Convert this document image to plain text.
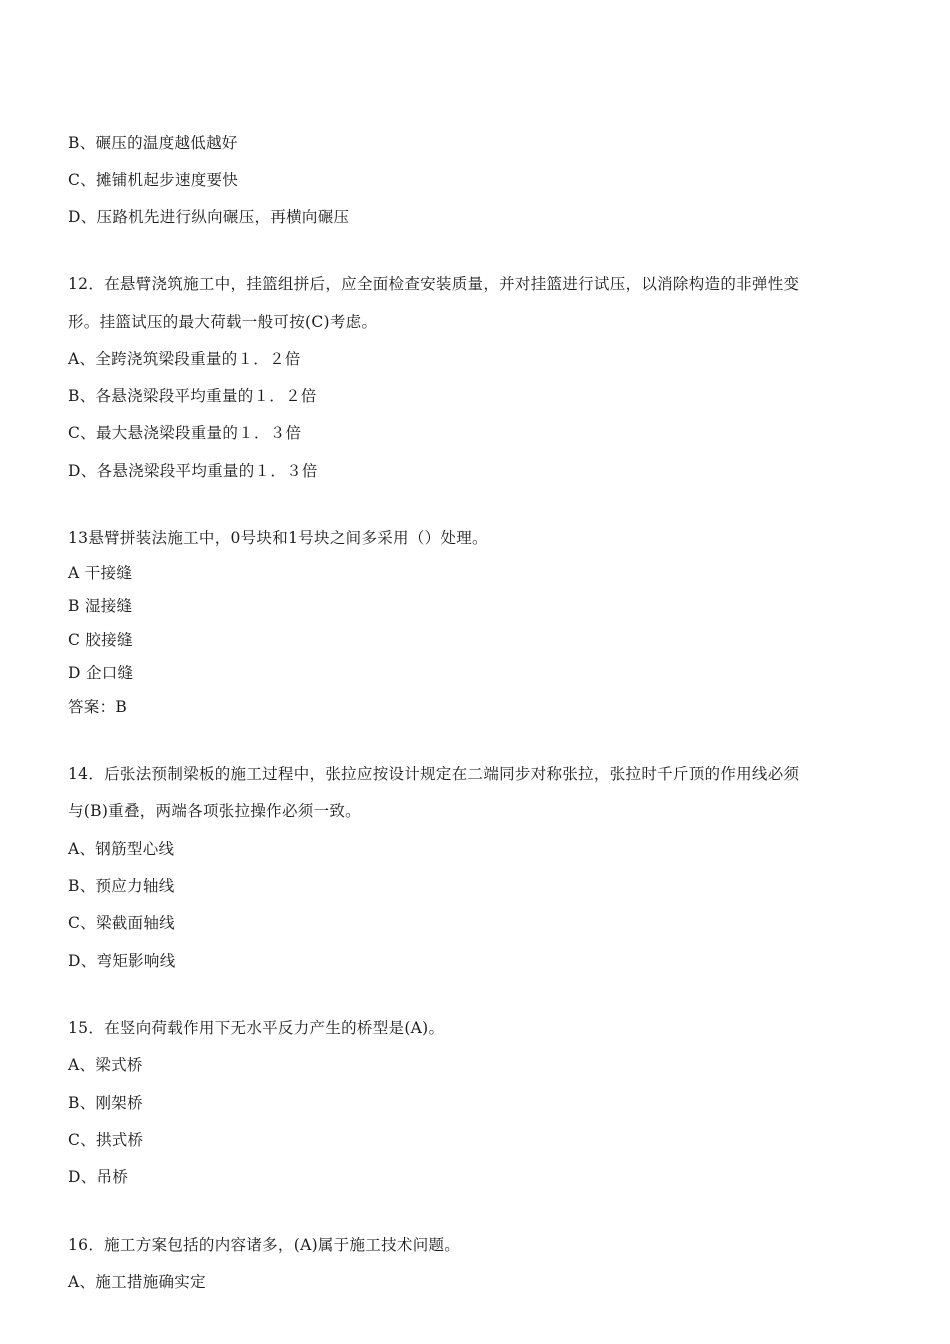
B、碾压的温度越低越好
C、摊铺机起步速度要快
D、压路机先进行纵向碾压，再横向碾压
12．在悬臂浇筑施工中，挂篮组拼后，应全面检查安装质量，并对挂篮进行试压，以消除构造的非弹性变
形。挂篮试压的最大荷载一般可按(C)考虑。
A、全跨浇筑梁段重量的１．２倍
B、各悬浇梁段平均重量的１．２倍
C、最大悬浇梁段重量的１．３倍
D、各悬浇梁段平均重量的１．３倍
13悬臂拼装法施工中，0号块和1号块之间多采用（）处理。
A 干接缝
B 湿接缝
C 胶接缝
D 企口缝
答案：B
14．后张法预制梁板的施工过程中，张拉应按设计规定在二端同步对称张拉，张拉时千斤顶的作用线必须
与(B)重叠，两端各项张拉操作必须一致。
A、钢筋型心线
B、预应力轴线
C、梁截面轴线
D、弯矩影响线
15．在竖向荷载作用下无水平反力产生的桥型是(A)。
A、梁式桥
B、刚架桥
C、拱式桥
D、吊桥
16．施工方案包括的内容诸多，(A)属于施工技术问题。
A、施工措施确实定
